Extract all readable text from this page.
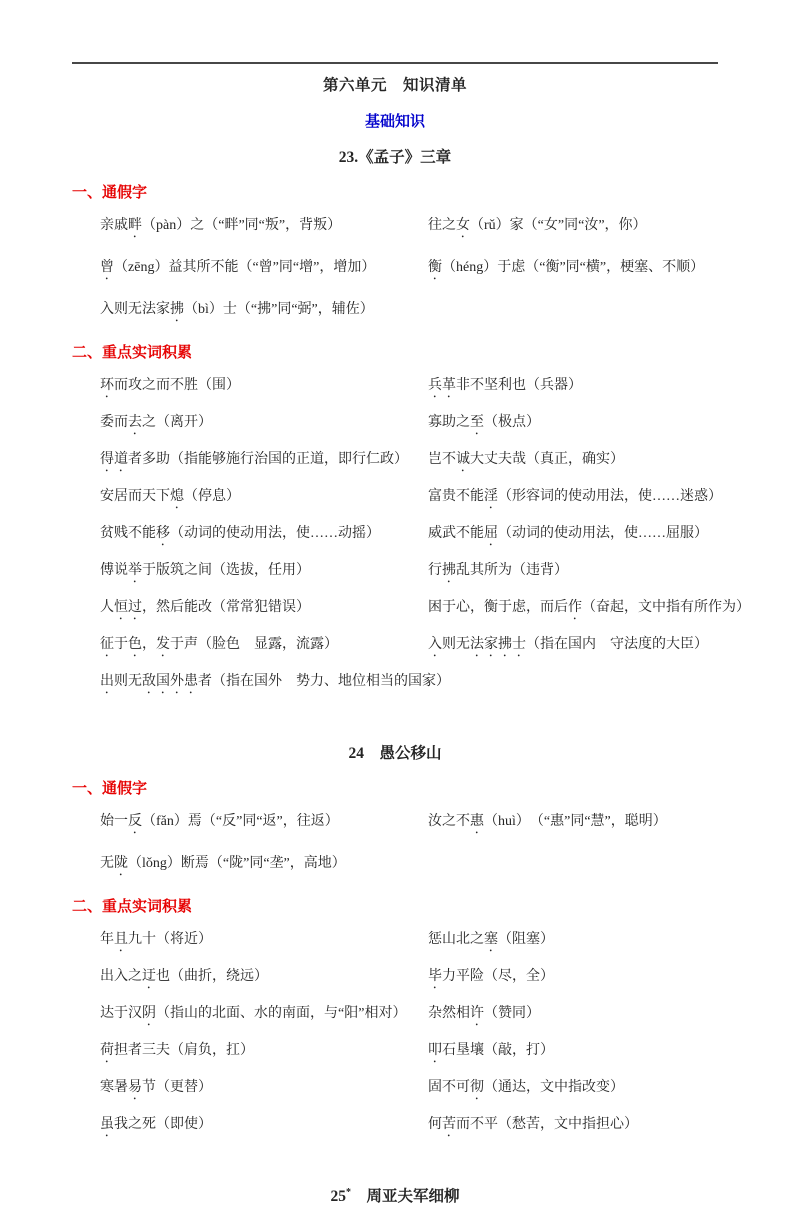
第六单元　知识清单
基础知识
23.《孟子》三章
一、通假字
亲戚畔（pàn）之（“畔”同“叛”，背叛）	往之女（rǔ）家（“女”同“汝”，你）
曾（zēng）益其所不能（“曾”同“增”，增加）	衡（héng）于虑（“衡”同“横”，梗塞、不顺）
入则无法家拂（bì）士（“拂”同“弼”，辅佐）
二、重点实词积累
环而攻之而不胜（围）	兵革非不坚利也（兵器）
委而去之（离开）	寡助之至（极点）
得道者多助（指能够施行治国的正道，即行仁政）	岂不诚大丈夫哉（真正，确实）
安居而天下熄（停息）	富贵不能淫（形容词的使动用法，使……迷惑）
贫贱不能移（动词的使动用法，使……动摇）	威武不能屈（动词的使动用法，使……屈服）
傅说举于版筑之间（选拔，任用）	行拂乱其所为（违背）
人恒过，然后能改（常常犯错误）	困于心，衡于虑，而后作（奋起，文中指有所作为）
征于色，发于声（脸色　 显露，流露）	入则无法家拂士（指在国内　 守法度的大臣）
出则无敌国外患者（指在国外　 势力、地位相当的国家）
24　愚公移山
一、通假字
始一反（fǎn）焉（“反”同“返”，往返）	汝之不惠（huì）　 （“惠”同“慧”，聪明）
无陇（lǒng）断焉（“陇”同“垄”，高地）
二、重点实词积累
年且九十（将近）	惩山北之塞（阻塞）
出入之迂也（曲折，绕远）	毕力平险（尽，全）
达于汉阴（指山的北面、水的南面，与“阳”相对）	杂然相许（赞同）
荷担者三夫（肩负，扛）	叩石垦壤（敲，打）
寒暑易节（更替）	固不可彻（通达，文中指改变）
虽我之死（即使）	何苦而不平（愁苦，文中指担心）
25*　周亚夫军细柳
